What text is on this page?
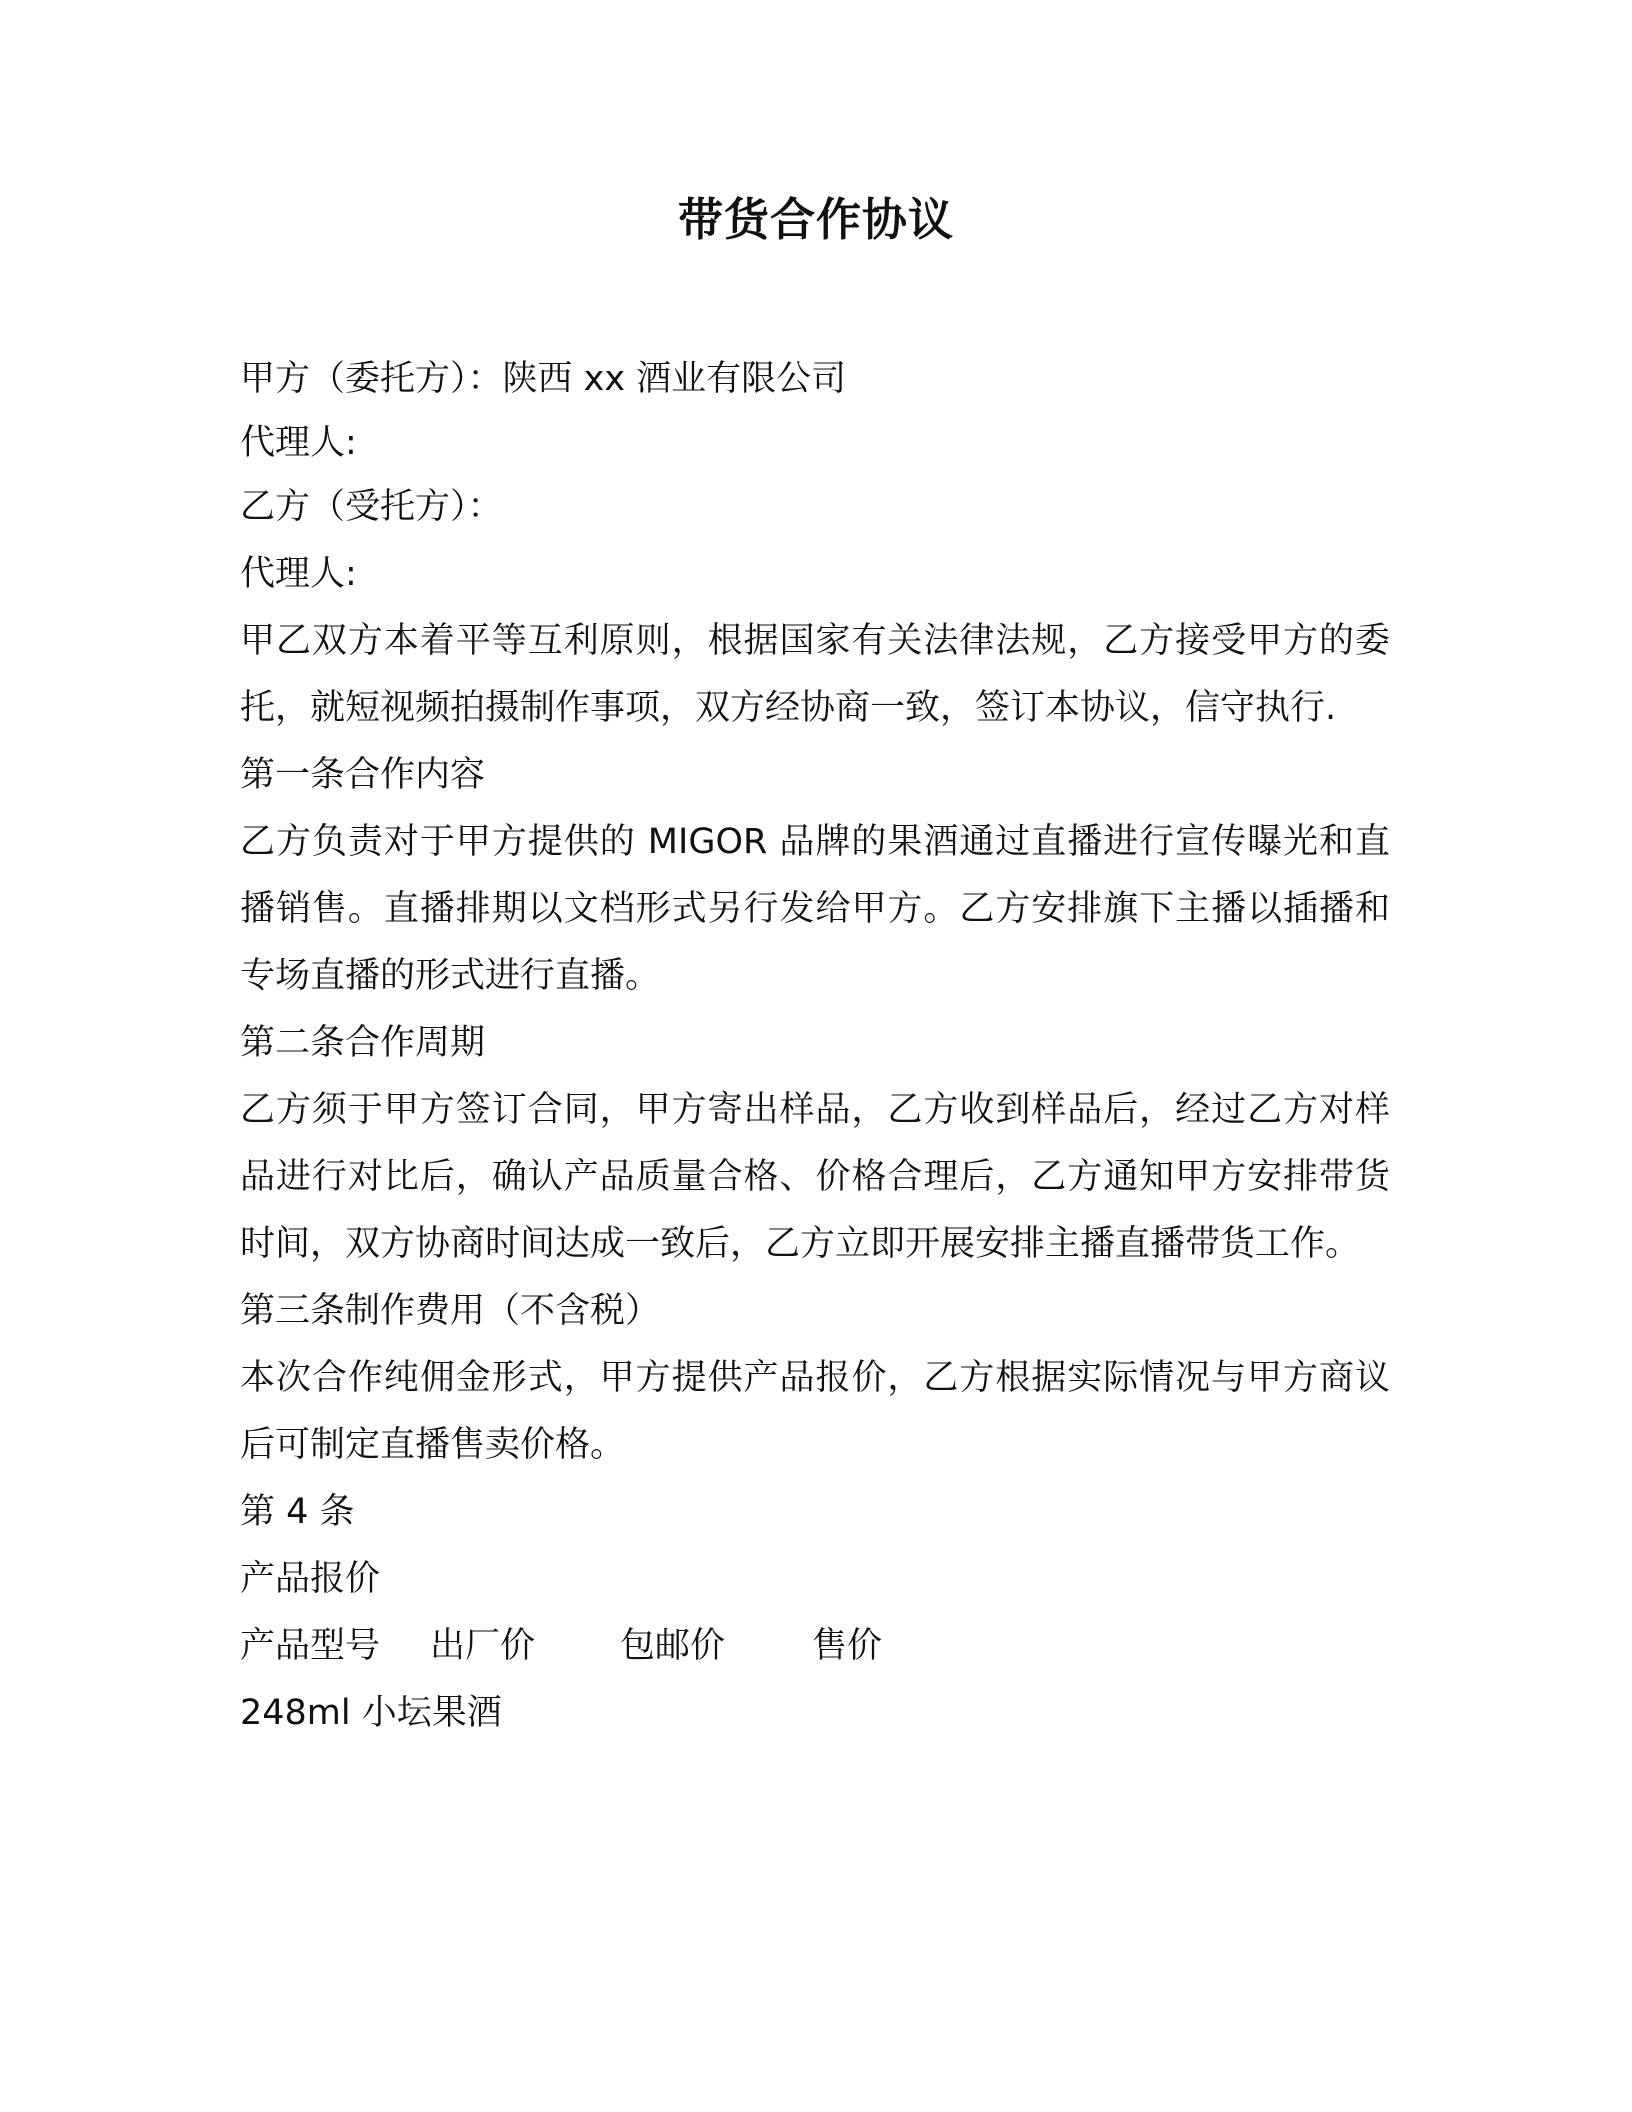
带货合作协议
甲方（委托方）：陕西 xx 酒业有限公司
代理人:
乙方（受托方）：
代理人:

甲乙双方本着平等互利原则，根据国家有关法律法规，乙方接受甲方的委托，就短视频拍摄制作事项，双方经协商一致，签订本协议，信守执行.

第一条合作内容

乙方负责对于甲方提供的 MIGOR 品牌的果酒通过直播进行宣传曝光和直播销售。直播排期以文档形式另行发给甲方。乙方安排旗下主播以插播和专场直播的形式进行直播。

第二条合作周期

乙方须于甲方签订合同，甲方寄出样品，乙方收到样品后，经过乙方对样品进行对比后，确认产品质量合格、价格合理后，乙方通知甲方安排带货时间，双方协商时间达成一致后，乙方立即开展安排主播直播带货工作。

第三条制作费用（不含税）

本次合作纯佣金形式，甲方提供产品报价，乙方根据实际情况与甲方商议后可制定直播售卖价格。

第 4 条
产品报价
产品型号 出厂价 包邮价 售价
248ml 小坛果酒
